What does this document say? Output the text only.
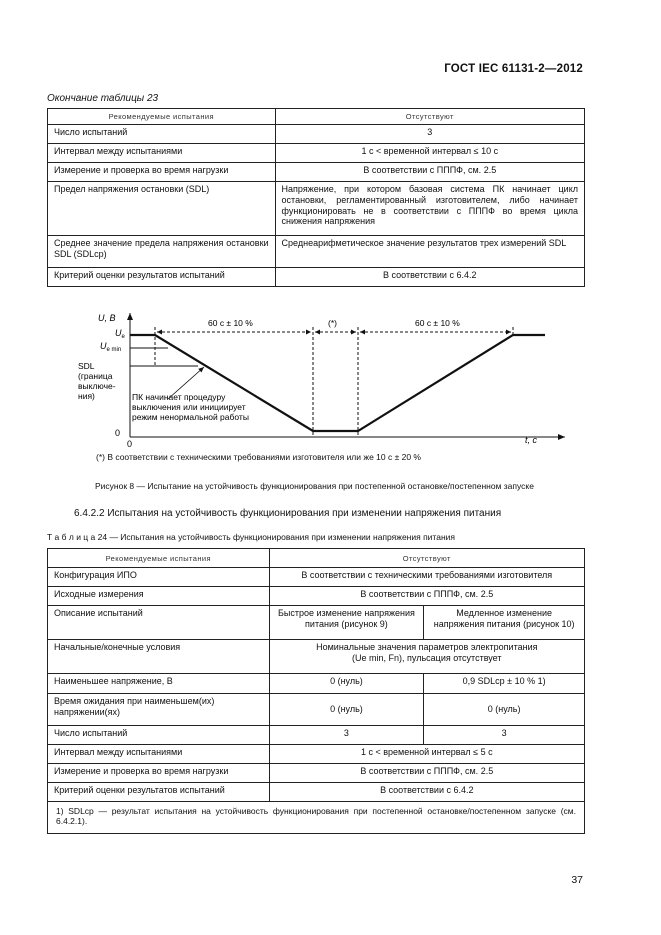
ГОСТ IEC 61131-2—2012
Окончание таблицы 23
Рекомендуемые испытания	Отсутствуют
Число испытаний	3
Интервал между испытаниями	1 с < временной интервал ≤ 10 с
Измерение и проверка во время нагрузки	В соответствии с ПППФ, см. 2.5
Предел напряжения остановки (SDL)	Напряжение, при котором базовая система ПК начинает цикл остановки, регламентированный изготовителем, либо начинает функционировать не в соответствии с ПППФ во время цикла снижения напряжения
Среднее значение предела напряжения остановки SDL (SDLср)	Среднеарифметическое значение результатов трех измерений SDL
Критерий оценки результатов испытаний	В соответствии с 6.4.2
U, В
$U_e$
$U_{e min}$
SDL
(граница
выключе-
ния)
0
0	t, с
60 с ± 10 %	(*)	60 с ± 10 %
ПК начинает процедуру
выключения или инициирует
режим ненормальной работы
(*) В соответствии с техническими требованиями изготовителя или же 10 с ± 20 %
Рисунок 8 — Испытание на устойчивость функционирования при постепенной остановке/постепенном запуске
6.4.2.2 Испытания на устойчивость функционирования при изменении напряжения питания
Т а б л и ц а 24 — Испытания на устойчивость функционирования при изменении напряжения питания
Рекомендуемые испытания	Отсутствуют	
Конфигурация ИПО	В соответствии с техническими требованиями изготовителя	
Исходные измерения	В соответствии с ПППФ, см. 2.5	
Описание испытаний	Быстрое изменение напряжения питания (рисунок 9)	Медленное изменение напряжения питания (рисунок 10)
Начальные/конечные условия	Номинальные значения параметров электропитания
(Ue min, Fn), пульсация отсутствует	

Наименьшее напряжение, В	0 (нуль)	0,9 SDLср ± 10 % 1)
Время ожидания при наименьшем(их) напряжении(ях)	0 (нуль)	0 (нуль)
Число испытаний	3	3
Интервал между испытаниями	1 с < временной интервал ≤ 5 с	
Измерение и проверка во время нагрузки	В соответствии с ПППФ, см. 2.5	
Критерий оценки результатов испытаний	В соответствии с 6.4.2	
1) SDLср — результат испытания на устойчивость функционирования при постепенной остановке/постепенном запуске (см. 6.4.2.1).		
37
